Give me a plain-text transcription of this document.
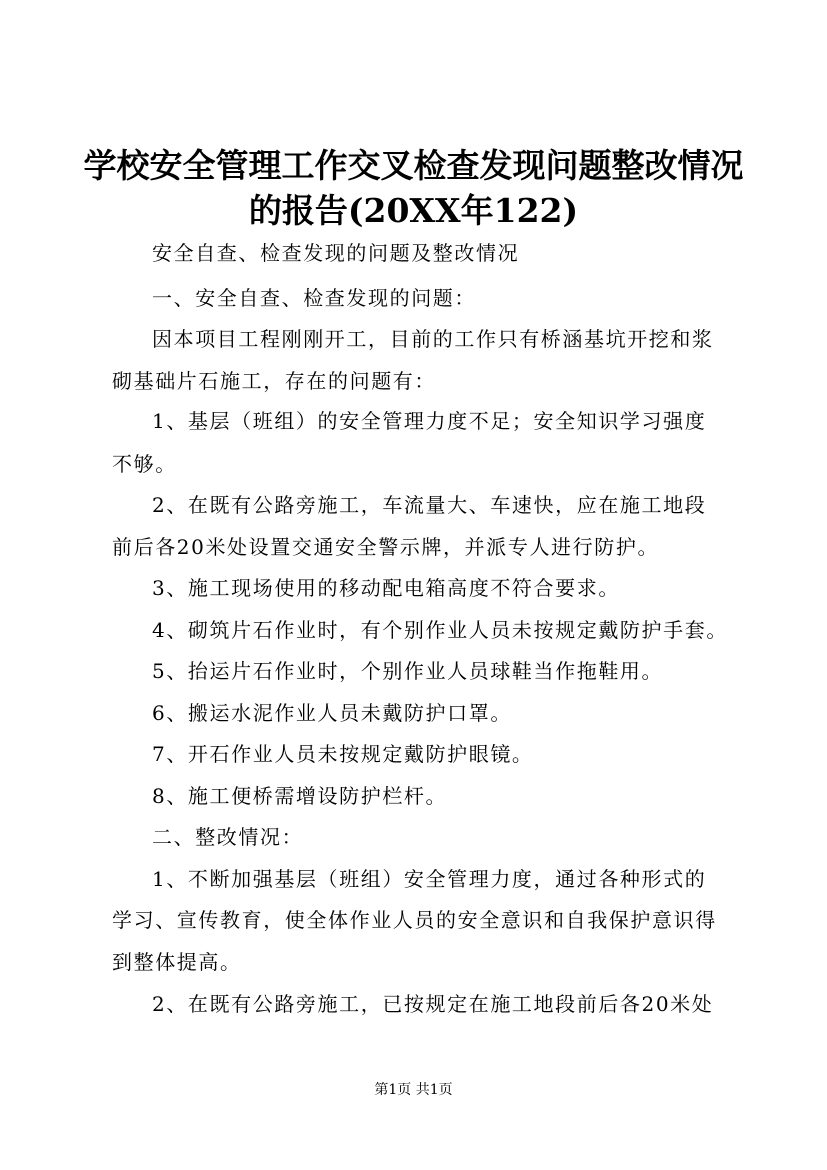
学校安全管理工作交叉检查发现问题整改情况
的报告(20XX年122)
安全自查、检查发现的问题及整改情况
一、安全自查、检查发现的问题：
因本项目工程刚刚开工，目前的工作只有桥涵基坑开挖和浆
砌基础片石施工，存在的问题有：
1、基层（班组）的安全管理力度不足；安全知识学习强度
不够。
2、在既有公路旁施工，车流量大、车速快，应在施工地段
前后各20米处设置交通安全警示牌，并派专人进行防护。
3、施工现场使用的移动配电箱高度不符合要求。
4、砌筑片石作业时，有个别作业人员未按规定戴防护手套。
5、抬运片石作业时，个别作业人员球鞋当作拖鞋用。
6、搬运水泥作业人员未戴防护口罩。
7、开石作业人员未按规定戴防护眼镜。
8、施工便桥需增设防护栏杆。
二、整改情况：
1、不断加强基层（班组）安全管理力度，通过各种形式的
学习、宣传教育，使全体作业人员的安全意识和自我保护意识得
到整体提高。
2、在既有公路旁施工，已按规定在施工地段前后各20米处
第1页 共1页
